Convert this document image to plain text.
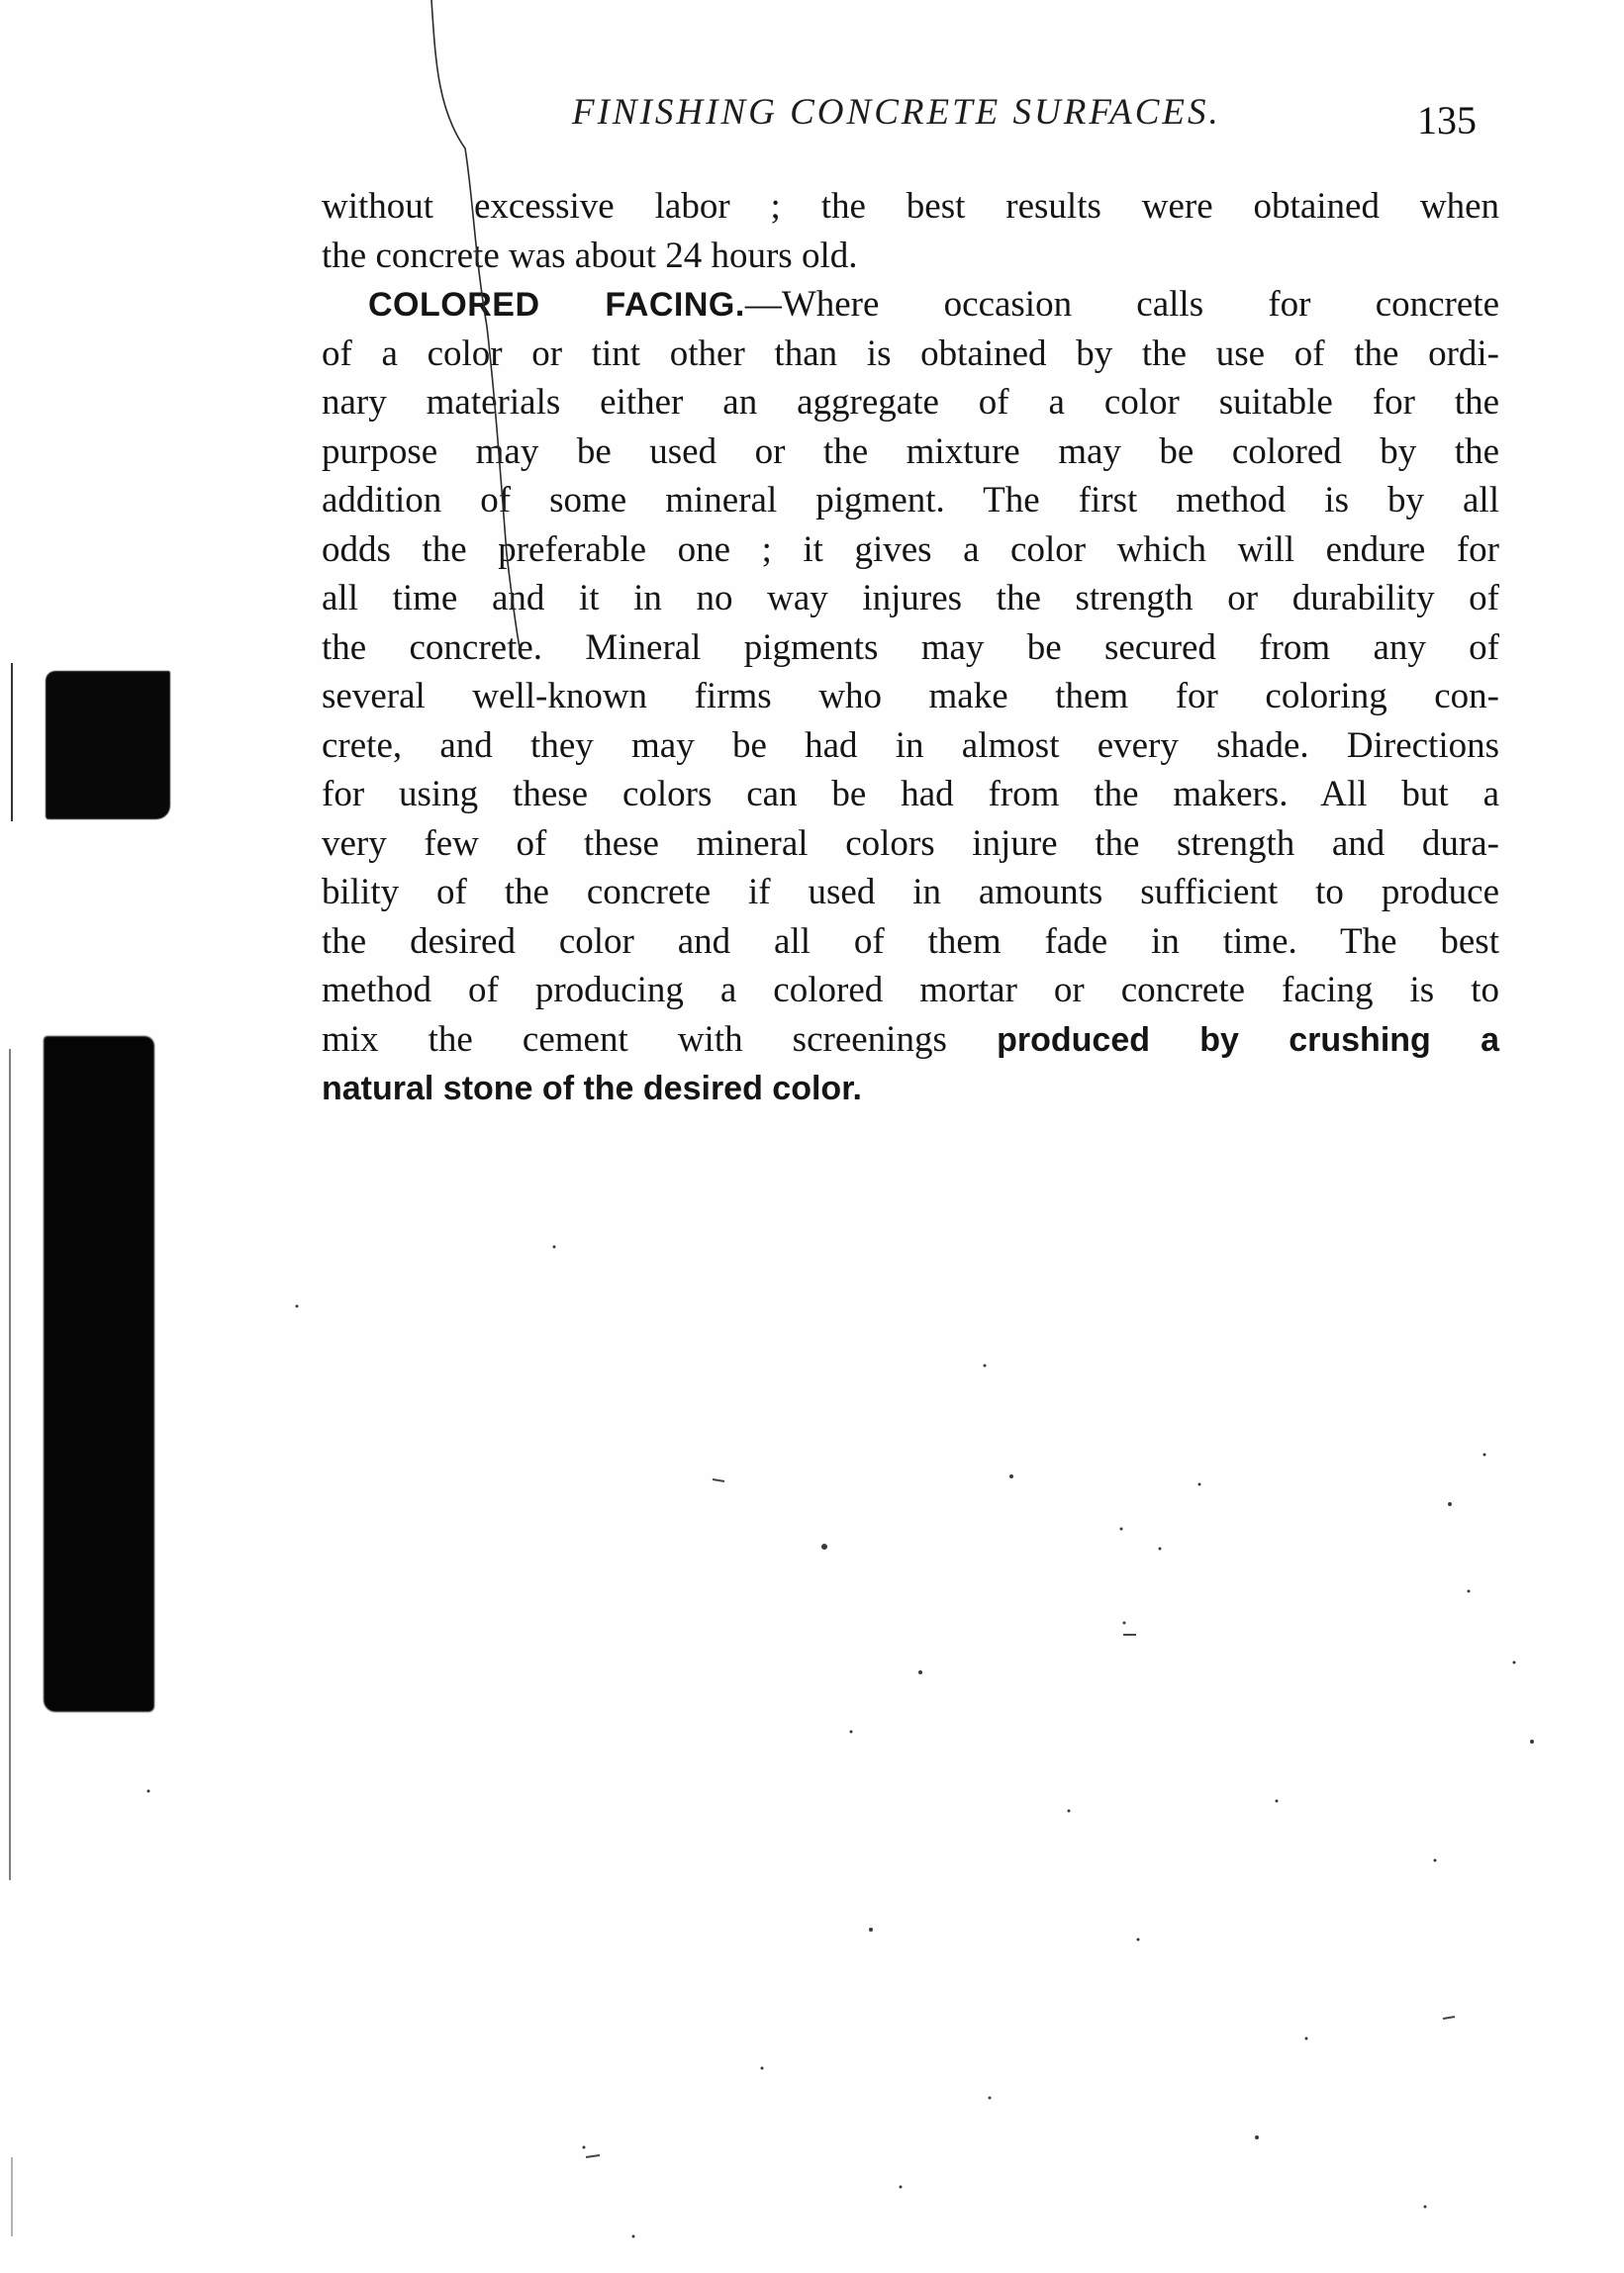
FINISHING CONCRETE SURFACES.	135
without excessive labor ; the best results were obtained when
the concrete was about 24 hours old.
COLORED FACING.—Where occasion calls for concrete
of a color or tint other than is obtained by the use of the ordi-
nary materials either an aggregate of a color suitable for the
purpose may be used or the mixture may be colored by the
addition of some mineral pigment. The first method is by all
odds the preferable one ; it gives a color which will endure for
all time and it in no way injures the strength or durability of
the concrete. Mineral pigments may be secured from any of
several well-known firms who make them for coloring con-
crete, and they may be had in almost every shade. Directions
for using these colors can be had from the makers. All but a
very few of these mineral colors injure the strength and dura-
bility of the concrete if used in amounts sufficient to produce
the desired color and all of them fade in time. The best
method of producing a colored mortar or concrete facing is to
mix the cement with screenings produced by crushing a
natural stone of the desired color.
